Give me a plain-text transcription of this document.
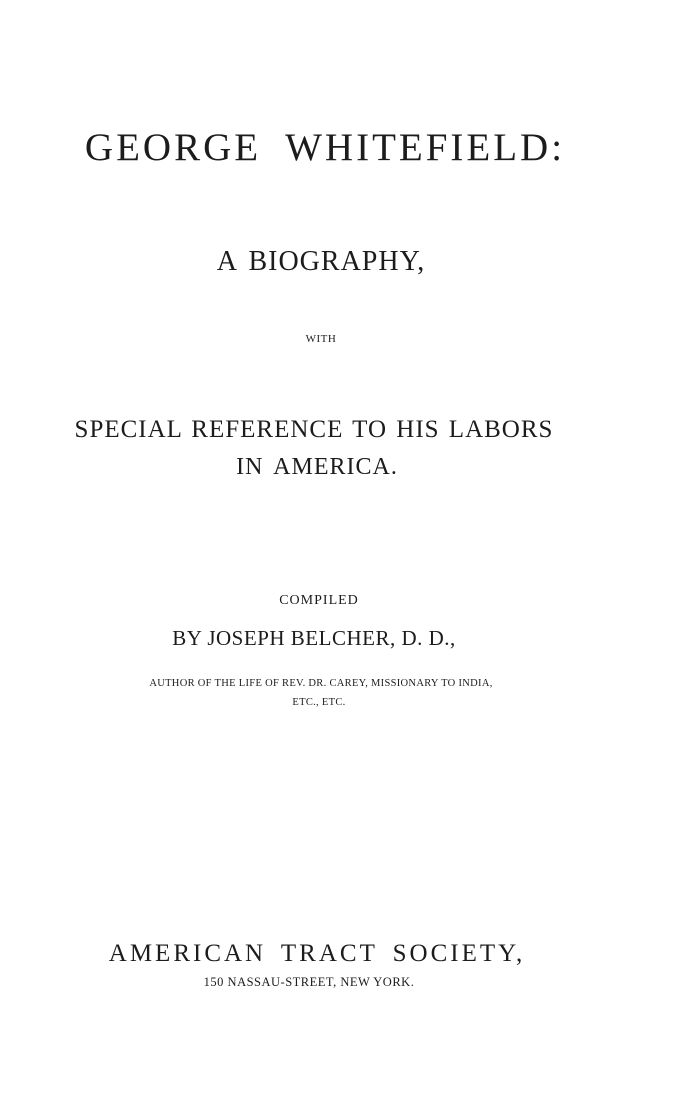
GEORGE WHITEFIELD:
A BIOGRAPHY,
WITH
SPECIAL REFERENCE TO HIS LABORS
IN AMERICA.
COMPILED
BY JOSEPH BELCHER, D. D.,
AUTHOR OF THE LIFE OF REV. DR. CAREY, MISSIONARY TO INDIA,
ETC., ETC.
AMERICAN TRACT SOCIETY,
150 NASSAU-STREET, NEW YORK.
